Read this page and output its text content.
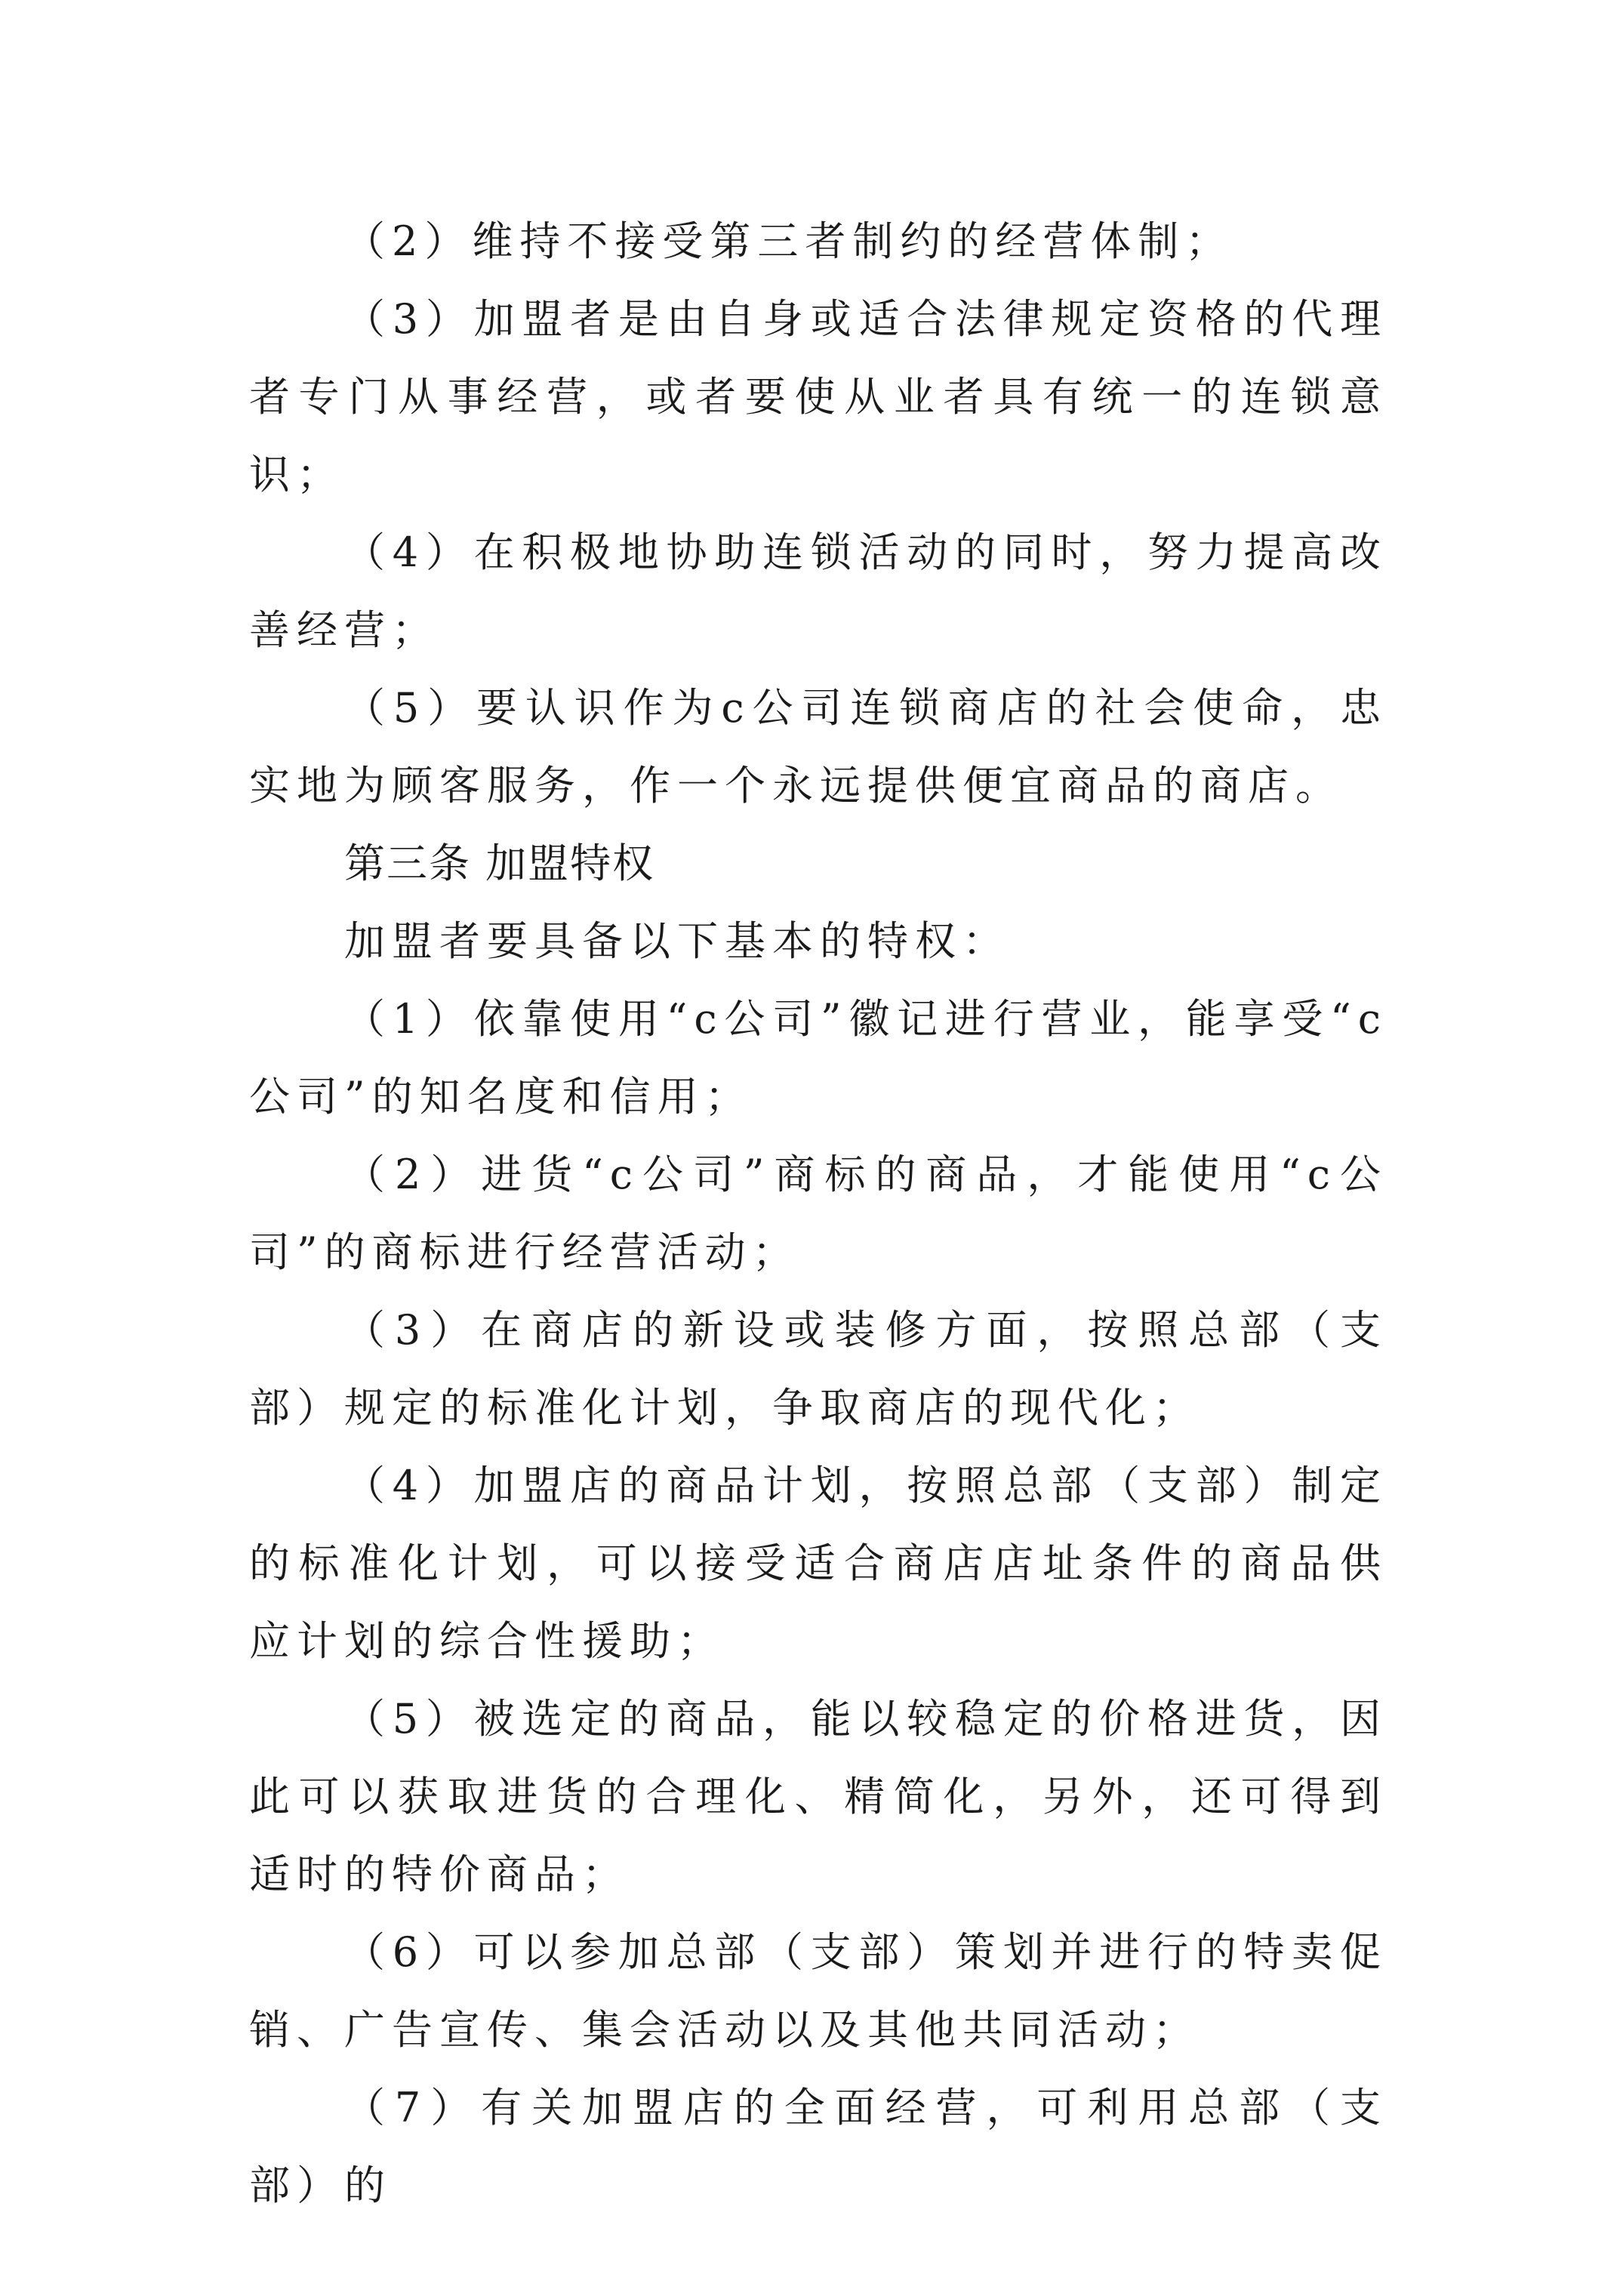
（2）维持不接受第三者制约的经营体制；

（3）加盟者是由自身或适合法律规定资格的代理者专门从事经营，或者要使从业者具有统一的连锁意识；

（4）在积极地协助连锁活动的同时，努力提高改善经营；

（5）要认识作为c公司连锁商店的社会使命，忠实地为顾客服务，作一个永远提供便宜商品的商店。

第三条 加盟特权

加盟者要具备以下基本的特权：

（1）依靠使用“c公司”徽记进行营业，能享受“c公司”的知名度和信用；

（2）进货“c公司”商标的商品，才能使用“c公司”的商标进行经营活动；

（3）在商店的新设或装修方面，按照总部（支部）规定的标准化计划，争取商店的现代化；

（4）加盟店的商品计划，按照总部（支部）制定的标准化计划，可以接受适合商店店址条件的商品供应计划的综合性援助；

（5）被选定的商品，能以较稳定的价格进货，因此可以获取进货的合理化、精简化，另外，还可得到适时的特价商品；

（6）可以参加总部（支部）策划并进行的特卖促销、广告宣传、集会活动以及其他共同活动；

（7）有关加盟店的全面经营，可利用总部（支部）的
